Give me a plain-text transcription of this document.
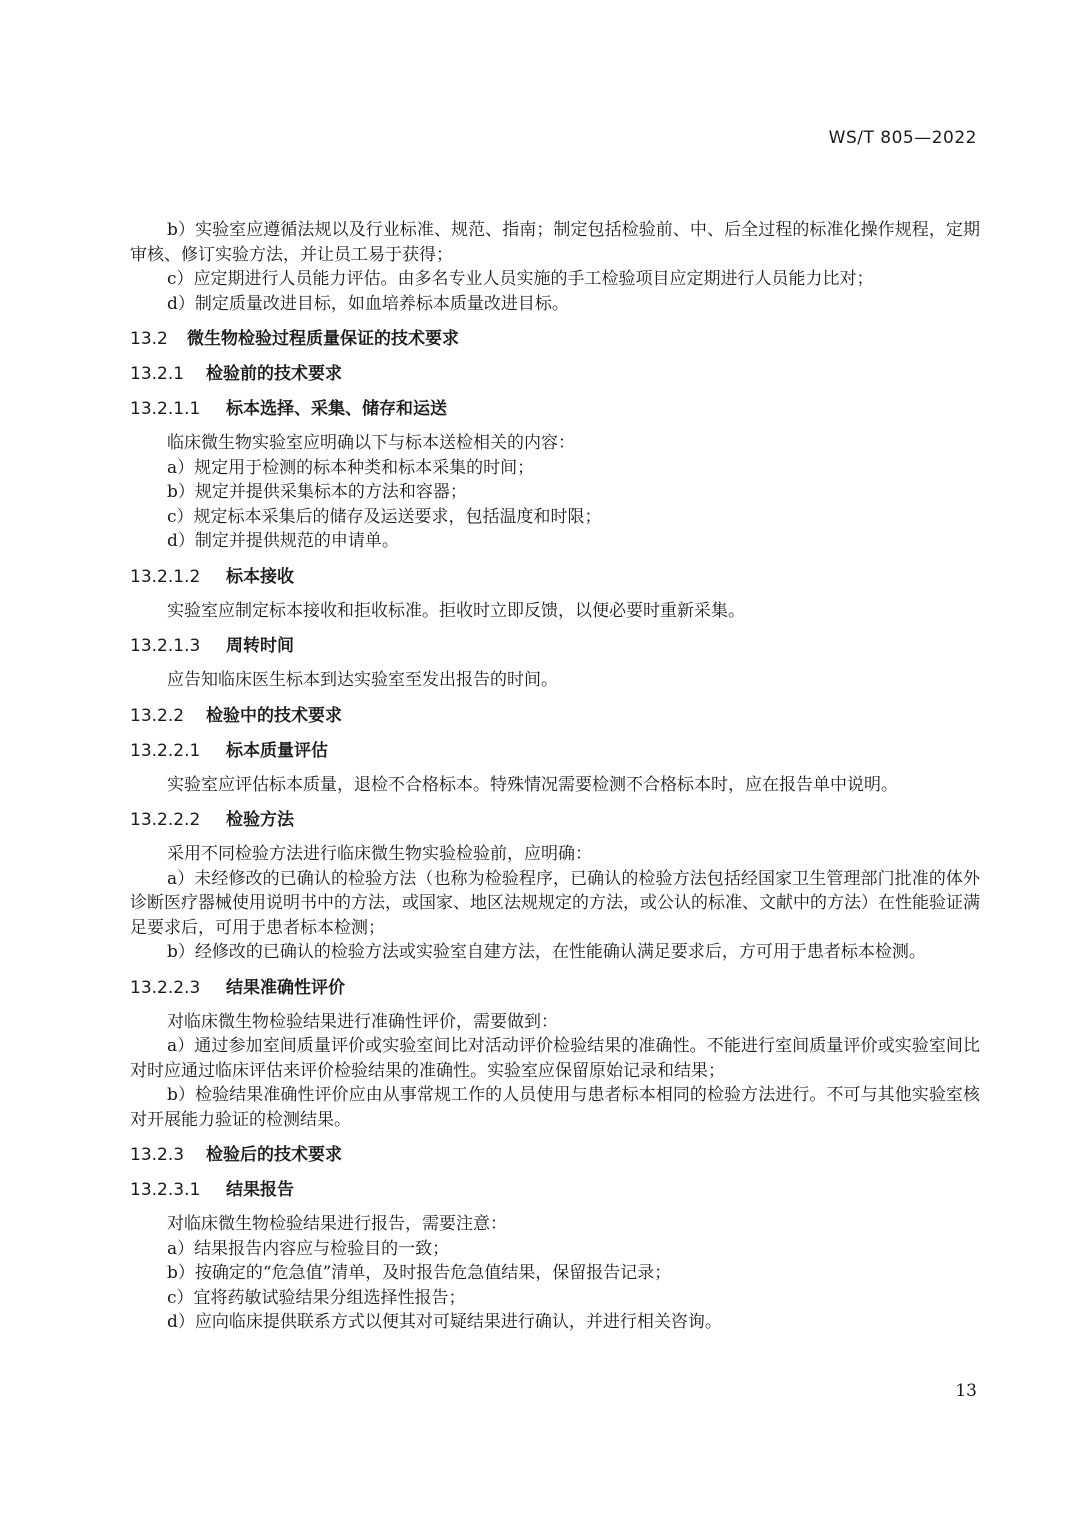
WS/T 805—2022

b）实验室应遵循法规以及行业标准、规范、指南；制定包括检验前、中、后全过程的标准化操作规程，定期审核、修订实验方法，并让员工易于获得；

c）应定期进行人员能力评估。由多名专业人员实施的手工检验项目应定期进行人员能力比对；

d）制定质量改进目标，如血培养标本质量改进目标。

13.2	微生物检验过程质量保证的技术要求
13.2.1	检验前的技术要求
13.2.1.1	标本选择、采集、储存和运送

临床微生物实验室应明确以下与标本送检相关的内容：

a）规定用于检测的标本种类和标本采集的时间；

b）规定并提供采集标本的方法和容器；

c）规定标本采集后的储存及运送要求，包括温度和时限；

d）制定并提供规范的申请单。

13.2.1.2	标本接收

实验室应制定标本接收和拒收标准。拒收时立即反馈，以便必要时重新采集。

13.2.1.3	周转时间

应告知临床医生标本到达实验室至发出报告的时间。

13.2.2	检验中的技术要求
13.2.2.1	标本质量评估

实验室应评估标本质量，退检不合格标本。特殊情况需要检测不合格标本时，应在报告单中说明。

13.2.2.2	检验方法

采用不同检验方法进行临床微生物实验检验前，应明确：

a）未经修改的已确认的检验方法（也称为检验程序，已确认的检验方法包括经国家卫生管理部门批准的体外诊断医疗器械使用说明书中的方法，或国家、地区法规规定的方法，或公认的标准、文献中的方法）在性能验证满足要求后，可用于患者标本检测；

b）经修改的已确认的检验方法或实验室自建方法，在性能确认满足要求后，方可用于患者标本检测。

13.2.2.3	结果准确性评价

对临床微生物检验结果进行准确性评价，需要做到：

a）通过参加室间质量评价或实验室间比对活动评价检验结果的准确性。不能进行室间质量评价或实验室间比对时应通过临床评估来评价检验结果的准确性。实验室应保留原始记录和结果；

b）检验结果准确性评价应由从事常规工作的人员使用与患者标本相同的检验方法进行。不可与其他实验室核对开展能力验证的检测结果。

13.2.3	检验后的技术要求
13.2.3.1	结果报告

对临床微生物检验结果进行报告，需要注意：

a）结果报告内容应与检验目的一致；

b）按确定的“危急值”清单，及时报告危急值结果，保留报告记录；

c）宜将药敏试验结果分组选择性报告；

d）应向临床提供联系方式以便其对可疑结果进行确认，并进行相关咨询。

13
